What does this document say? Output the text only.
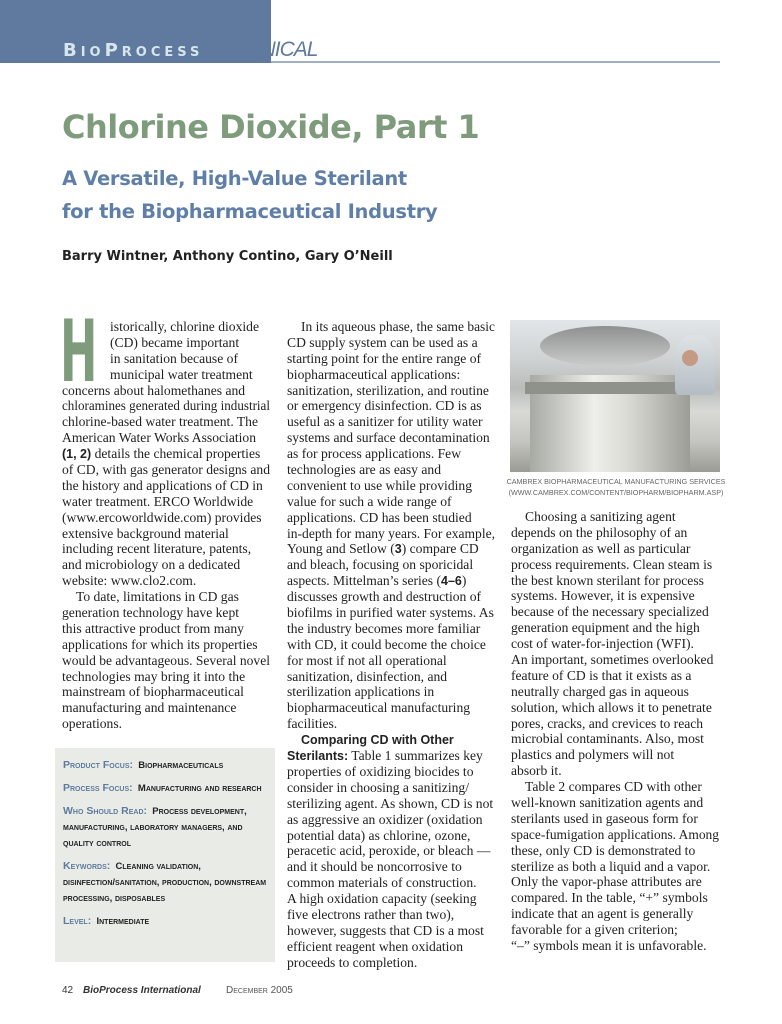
BioProcess TECHNICAL
Chlorine Dioxide, Part 1
A Versatile, High-Value Sterilant
for the Biopharmaceutical Industry
Barry Wintner, Anthony Contino, Gary O’Neill
H istorically, chlorine dioxide
(CD) became important
in sanitation because of
municipal water treatment
concerns about halomethanes and
chloramines generated during industrial
chlorine-based water treatment. The
American Water Works Association
(1, 2) details the chemical properties
of CD, with gas generator designs and
the history and applications of CD in
water treatment. ERCO Worldwide
(www.ercoworldwide.com) provides
extensive background material
including recent literature, patents,
and microbiology on a dedicated
website: www.clo2.com.
To date, limitations in CD gas
generation technology have kept
this attractive product from many
applications for which its properties
would be advantageous. Several novel
technologies may bring it into the
mainstream of biopharmaceutical
manufacturing and maintenance
operations.
In its aqueous phase, the same basic
CD supply system can be used as a
starting point for the entire range of
biopharmaceutical applications:
sanitization, sterilization, and routine
or emergency disinfection. CD is as
useful as a sanitizer for utility water
systems and surface decontamination
as for process applications. Few
technologies are as easy and
convenient to use while providing
value for such a wide range of
applications. CD has been studied
in-depth for many years. For example,
Young and Setlow (3) compare CD
and bleach, focusing on sporicidal
aspects. Mittelman’s series (4–6)
discusses growth and destruction of
biofilms in purified water systems. As
the industry becomes more familiar
with CD, it could become the choice
for most if not all operational
sanitization, disinfection, and
sterilization applications in
biopharmaceutical manufacturing
facilities.
Comparing CD with Other
Sterilants: Table 1 summarizes key
properties of oxidizing biocides to
consider in choosing a sanitizing/
sterilizing agent. As shown, CD is not
as aggressive an oxidizer (oxidation
potential data) as chlorine, ozone,
peracetic acid, peroxide, or bleach —
and it should be noncorrosive to
common materials of construction.
A high oxidation capacity (seeking
five electrons rather than two),
however, suggests that CD is a most
efficient reagent when oxidation
proceeds to completion.
Choosing a sanitizing agent
depends on the philosophy of an
organization as well as particular
process requirements. Clean steam is
the best known sterilant for process
systems. However, it is expensive
because of the necessary specialized
generation equipment and the high
cost of water-for-injection (WFI).
An important, sometimes overlooked
feature of CD is that it exists as a
neutrally charged gas in aqueous
solution, which allows it to penetrate
pores, cracks, and crevices to reach
microbial contaminants. Also, most
plastics and polymers will not
absorb it.
Table 2 compares CD with other
well-known sanitization agents and
sterilants used in gaseous form for
space-fumigation applications. Among
these, only CD is demonstrated to
sterilize as both a liquid and a vapor.
Only the vapor-phase attributes are
compared. In the table, “+” symbols
indicate that an agent is generally
favorable for a given criterion;
“–” symbols mean it is unfavorable.
Product Focus: Biopharmaceuticals
Process Focus: Manufacturing and research
Who Should Read: Process development, manufacturing, laboratory managers, and quality control
Keywords: Cleaning validation, disinfection/sanitation, production, downstream processing, disposables
Level: Intermediate
CAMBREX BIOPHARMACEUTICAL MANUFACTURING SERVICES
(WWW.CAMBREX.COM/CONTENT/BIOPHARM/BIOPHARM.ASP)
42 BioProcess International	December 2005
